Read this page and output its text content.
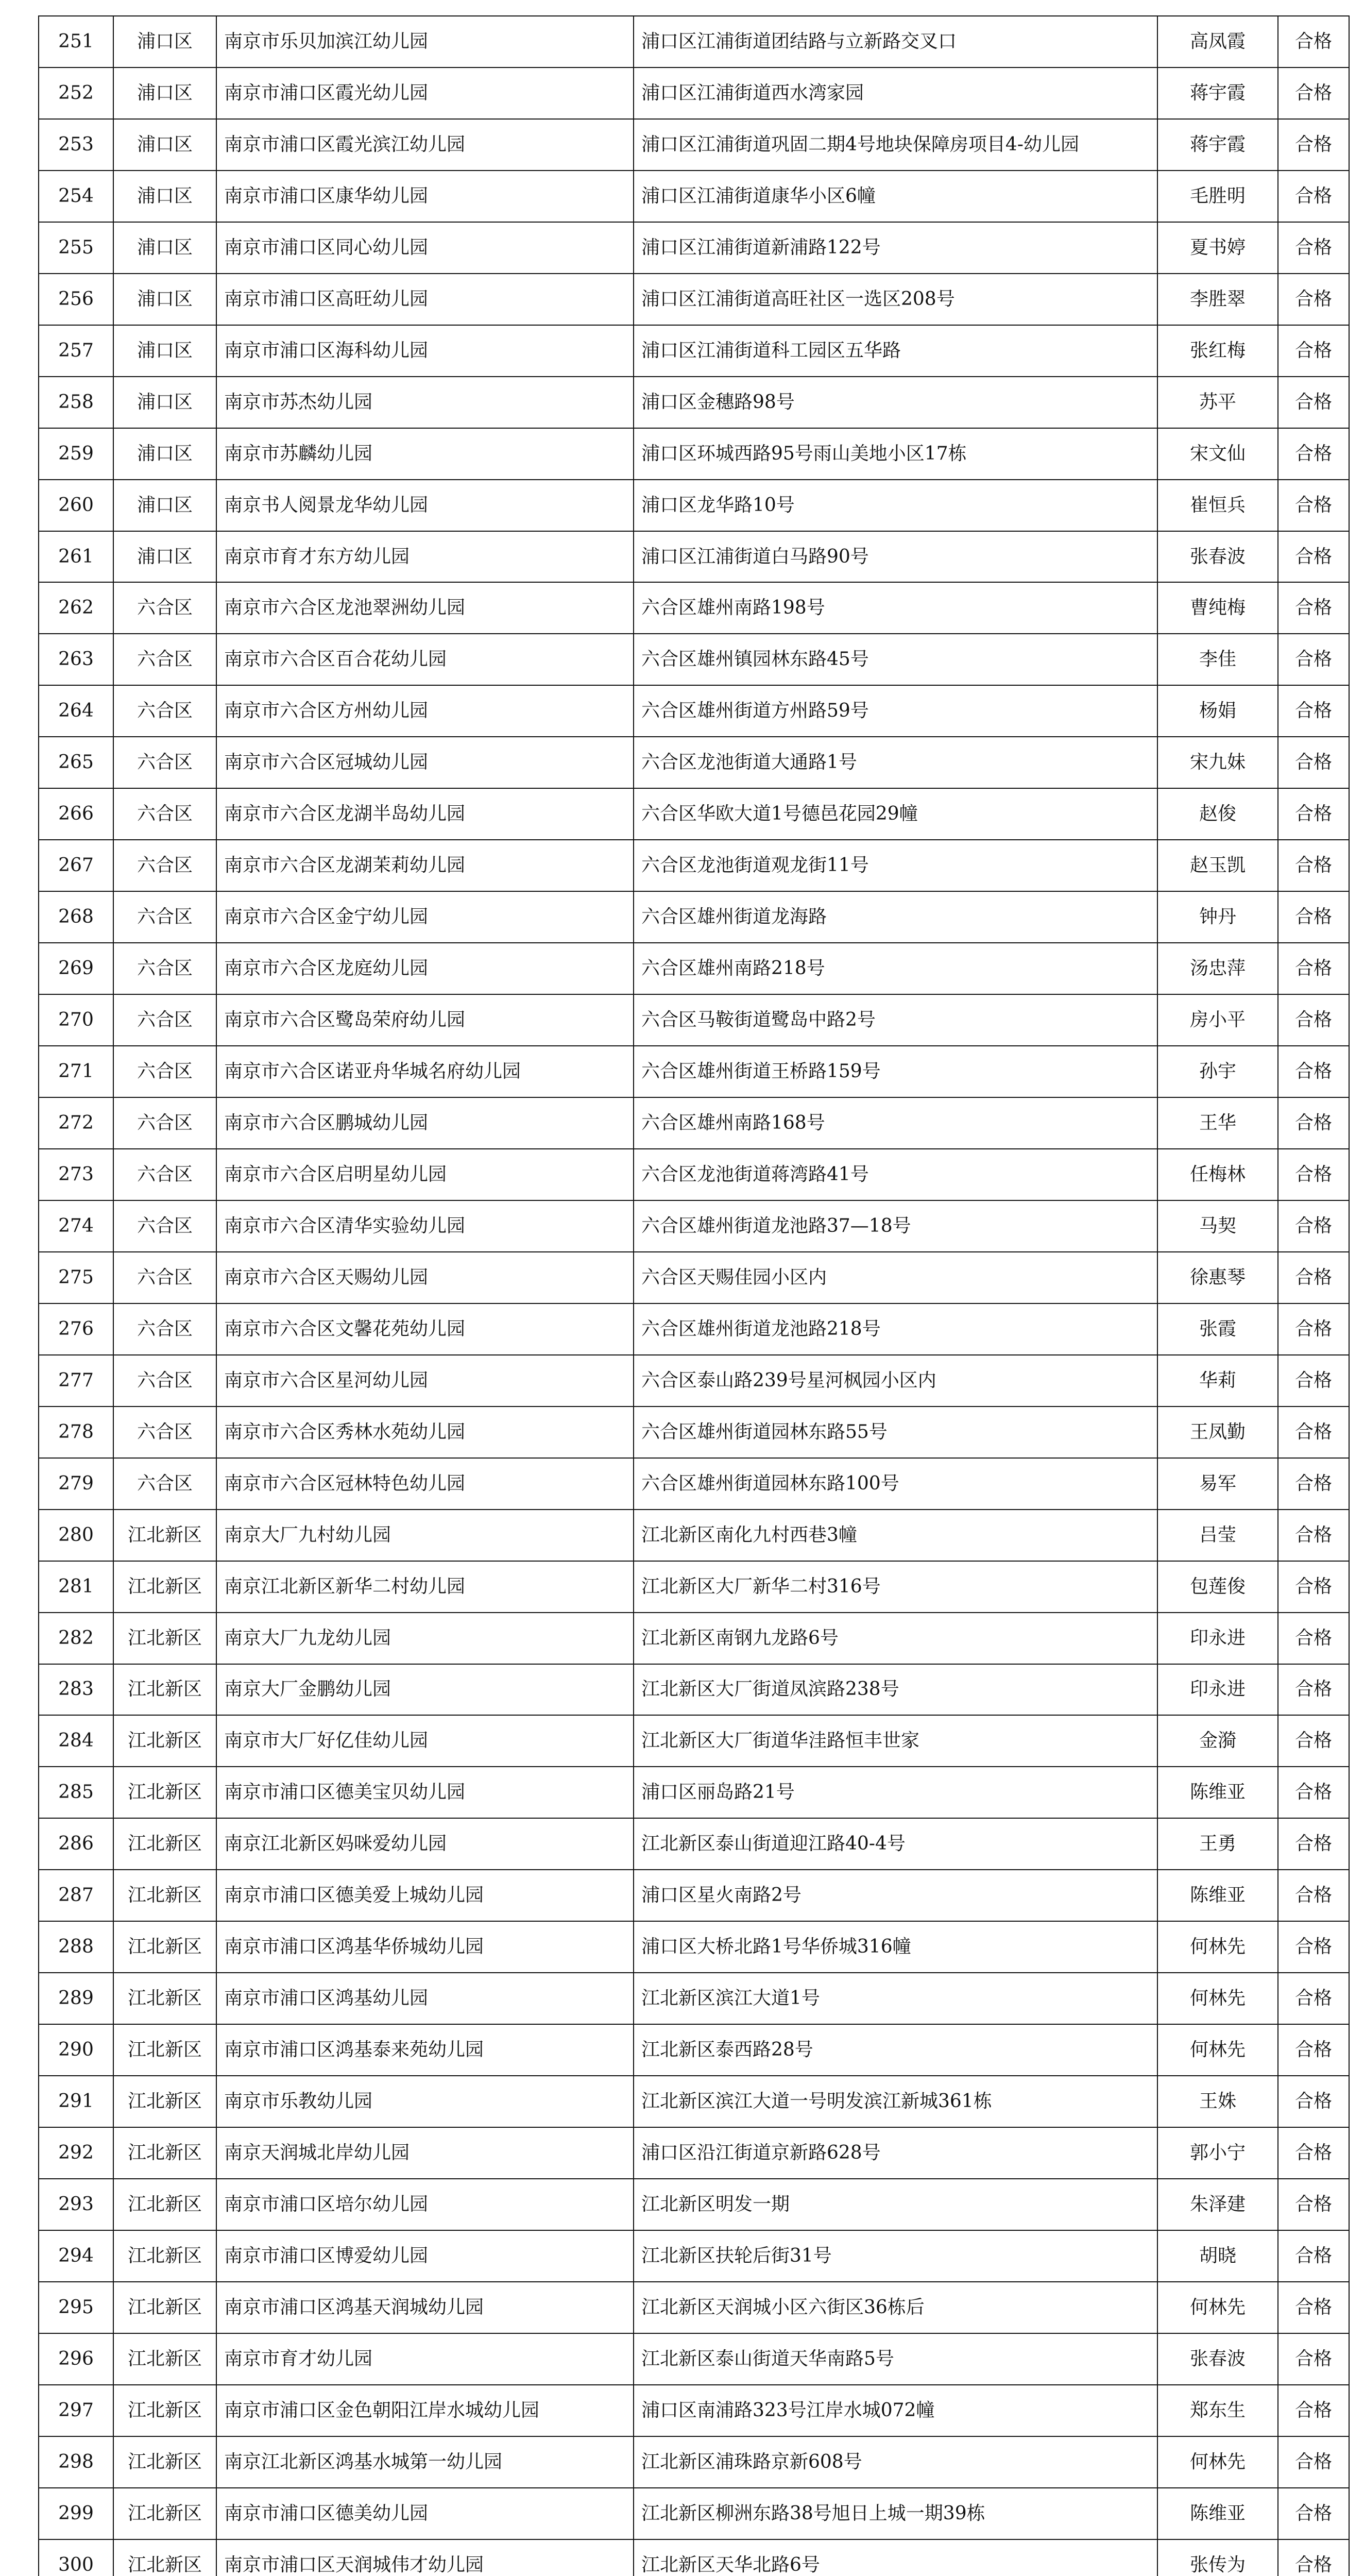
251	浦口区	南京市乐贝加滨江幼儿园	浦口区江浦街道团结路与立新路交叉口	高凤霞	合格
252	浦口区	南京市浦口区霞光幼儿园	浦口区江浦街道西水湾家园	蒋宇霞	合格
253	浦口区	南京市浦口区霞光滨江幼儿园	浦口区江浦街道巩固二期4号地块保障房项目4-幼儿园	蒋宇霞	合格
254	浦口区	南京市浦口区康华幼儿园	浦口区江浦街道康华小区6幢	毛胜明	合格
255	浦口区	南京市浦口区同心幼儿园	浦口区江浦街道新浦路122号	夏书婷	合格
256	浦口区	南京市浦口区高旺幼儿园	浦口区江浦街道高旺社区一选区208号	李胜翠	合格
257	浦口区	南京市浦口区海科幼儿园	浦口区江浦街道科工园区五华路	张红梅	合格
258	浦口区	南京市苏杰幼儿园	浦口区金穗路98号	苏平	合格
259	浦口区	南京市苏麟幼儿园	浦口区环城西路95号雨山美地小区17栋	宋文仙	合格
260	浦口区	南京书人阅景龙华幼儿园	浦口区龙华路10号	崔恒兵	合格
261	浦口区	南京市育才东方幼儿园	浦口区江浦街道白马路90号	张春波	合格
262	六合区	南京市六合区龙池翠洲幼儿园	六合区雄州南路198号	曹纯梅	合格
263	六合区	南京市六合区百合花幼儿园	六合区雄州镇园林东路45号	李佳	合格
264	六合区	南京市六合区方州幼儿园	六合区雄州街道方州路59号	杨娟	合格
265	六合区	南京市六合区冠城幼儿园	六合区龙池街道大通路1号	宋九妹	合格
266	六合区	南京市六合区龙湖半岛幼儿园	六合区华欧大道1号德邑花园29幢	赵俊	合格
267	六合区	南京市六合区龙湖茉莉幼儿园	六合区龙池街道观龙街11号	赵玉凯	合格
268	六合区	南京市六合区金宁幼儿园	六合区雄州街道龙海路	钟丹	合格
269	六合区	南京市六合区龙庭幼儿园	六合区雄州南路218号	汤忠萍	合格
270	六合区	南京市六合区鹭岛荣府幼儿园	六合区马鞍街道鹭岛中路2号	房小平	合格
271	六合区	南京市六合区诺亚舟华城名府幼儿园	六合区雄州街道王桥路159号	孙宇	合格
272	六合区	南京市六合区鹏城幼儿园	六合区雄州南路168号	王华	合格
273	六合区	南京市六合区启明星幼儿园	六合区龙池街道蒋湾路41号	任梅林	合格
274	六合区	南京市六合区清华实验幼儿园	六合区雄州街道龙池路37—18号	马契	合格
275	六合区	南京市六合区天赐幼儿园	六合区天赐佳园小区内	徐惠琴	合格
276	六合区	南京市六合区文馨花苑幼儿园	六合区雄州街道龙池路218号	张霞	合格
277	六合区	南京市六合区星河幼儿园	六合区泰山路239号星河枫园小区内	华莉	合格
278	六合区	南京市六合区秀林水苑幼儿园	六合区雄州街道园林东路55号	王凤勤	合格
279	六合区	南京市六合区冠林特色幼儿园	六合区雄州街道园林东路100号	易军	合格
280	江北新区	南京大厂九村幼儿园	江北新区南化九村西巷3幢	吕莹	合格
281	江北新区	南京江北新区新华二村幼儿园	江北新区大厂新华二村316号	包莲俊	合格
282	江北新区	南京大厂九龙幼儿园	江北新区南钢九龙路6号	印永进	合格
283	江北新区	南京大厂金鹏幼儿园	江北新区大厂街道凤滨路238号	印永进	合格
284	江北新区	南京市大厂好亿佳幼儿园	江北新区大厂街道华洼路恒丰世家	金漪	合格
285	江北新区	南京市浦口区德美宝贝幼儿园	浦口区丽岛路21号	陈维亚	合格
286	江北新区	南京江北新区妈咪爱幼儿园	江北新区泰山街道迎江路40-4号	王勇	合格
287	江北新区	南京市浦口区德美爱上城幼儿园	浦口区星火南路2号	陈维亚	合格
288	江北新区	南京市浦口区鸿基华侨城幼儿园	浦口区大桥北路1号华侨城316幢	何林先	合格
289	江北新区	南京市浦口区鸿基幼儿园	江北新区滨江大道1号	何林先	合格
290	江北新区	南京市浦口区鸿基泰来苑幼儿园	江北新区泰西路28号	何林先	合格
291	江北新区	南京市乐教幼儿园	江北新区滨江大道一号明发滨江新城361栋	王姝	合格
292	江北新区	南京天润城北岸幼儿园	浦口区沿江街道京新路628号	郭小宁	合格
293	江北新区	南京市浦口区培尔幼儿园	江北新区明发一期	朱泽建	合格
294	江北新区	南京市浦口区博爱幼儿园	江北新区扶轮后街31号	胡晓	合格
295	江北新区	南京市浦口区鸿基天润城幼儿园	江北新区天润城小区六街区36栋后	何林先	合格
296	江北新区	南京市育才幼儿园	江北新区泰山街道天华南路5号	张春波	合格
297	江北新区	南京市浦口区金色朝阳江岸水城幼儿园	浦口区南浦路323号江岸水城072幢	郑东生	合格
298	江北新区	南京江北新区鸿基水城第一幼儿园	江北新区浦珠路京新608号	何林先	合格
299	江北新区	南京市浦口区德美幼儿园	江北新区柳洲东路38号旭日上城一期39栋	陈维亚	合格
300	江北新区	南京市浦口区天润城伟才幼儿园	江北新区天华北路6号	张传为	合格
